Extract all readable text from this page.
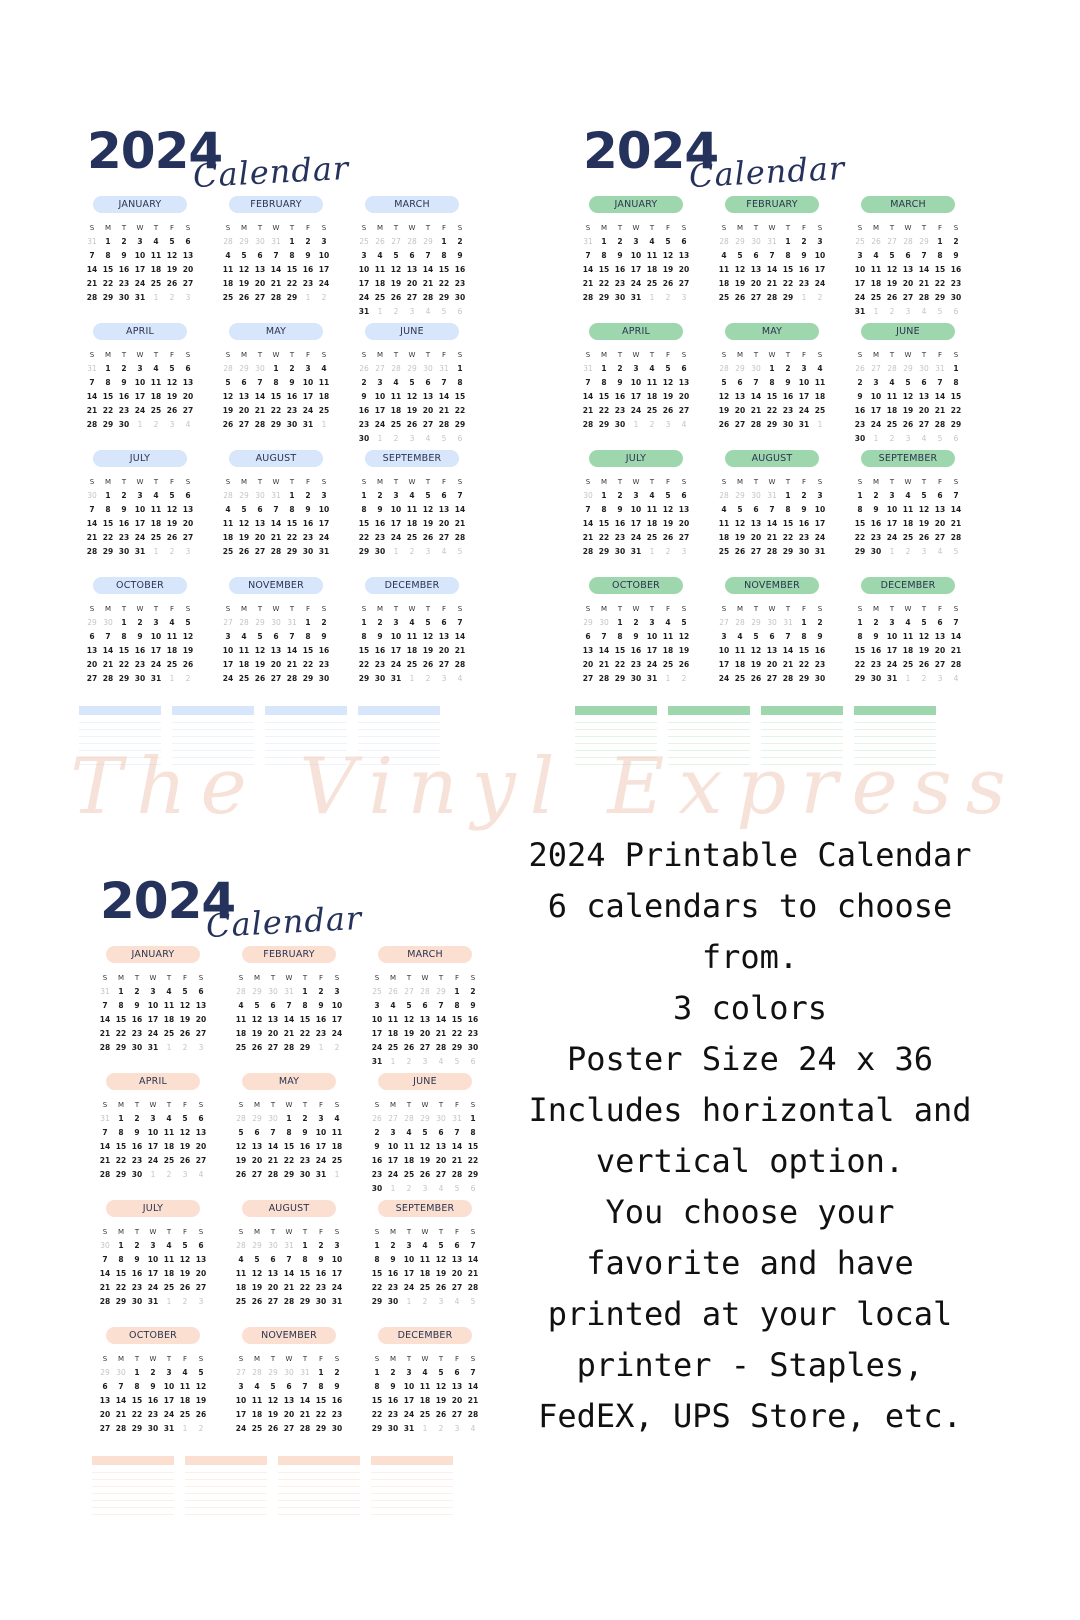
2024
Calendar
JANUARY
S	M	T	W	T	F	S
31	1	2	3	4	5	6
7	8	9	10 11 12 13
14 15 16 17 18 19 20
21 22 23 24 25 26 27
28 29 30 31	1	2	3
FEBRUARY
S	M	T	W	T	F	S
28 29 30 31	1	2	3
4	5	6	7	8	9	10
11 12 13 14 15 16 17
18 19 20 21 22 23 24
25 26 27 28 29	1	2
MARCH
S	M	T	W	T	F	S
25 26 27 28 29	1	2
3	4	5	6	7	8	9
10 11 12 13 14 15 16
17 18 19 20 21 22 23
24 25 26 27 28 29 30
31	1	2	3	4	5	6
APRIL
S	M	T	W	T	F	S
31	1	2	3	4	5	6
7	8	9	10 11 12 13
14 15 16 17 18 19 20
21 22 23 24 25 26 27
28 29 30	1	2	3	4
MAY
S	M	T	W	T	F	S
28 29 30	1	2	3	4
5	6	7	8	9	10 11
12 13 14 15 16 17 18
19 20 21 22 23 24 25
26 27 28 29 30 31	1
JUNE
S	M	T	W	T	F	S
26 27 28 29 30 31	1
2	3	4	5	6	7	8
9	10 11 12 13 14 15
16 17 18 19 20 21 22
23 24 25 26 27 28 29
30	1	2	3	4	5	6
JULY
S	M	T	W	T	F	S
30	1	2	3	4	5	6
7	8	9	10 11 12 13
14 15 16 17 18 19 20
21 22 23 24 25 26 27
28 29 30 31	1	2	3
AUGUST
S	M	T	W	T	F	S
28 29 30 31	1	2	3
4	5	6	7	8	9	10
11 12 13 14 15 16 17
18 19 20 21 22 23 24
25 26 27 28 29 30 31
SEPTEMBER
S	M	T	W	T	F	S
1	2	3	4	5	6	7
8	9	10 11 12 13 14
15 16 17 18 19 20 21
22 23 24 25 26 27 28
29 30	1	2	3	4	5
OCTOBER
S	M	T	W	T	F	S
29 30	1	2	3	4	5
6	7	8	9	10 11 12
13 14 15 16 17 18 19
20 21 22 23 24 25 26
27 28 29 30 31	1	2
NOVEMBER
S	M	T	W	T	F	S
27 28 29 30 31	1	2
3	4	5	6	7	8	9
10 11 12 13 14 15 16
17 18 19 20 21 22 23
24 25 26 27 28 29 30
DECEMBER
S	M	T	W	T	F	S
1	2	3	4	5	6	7
8	9	10 11 12 13 14
15 16 17 18 19 20 21
22 23 24 25 26 27 28
29 30 31	1	2	3	4
2024
Calendar
JANUARY
S	M	T	W	T	F	S
31	1	2	3	4	5	6
7	8	9	10 11 12 13
14 15 16 17 18 19 20
21 22 23 24 25 26 27
28 29 30 31	1	2	3
FEBRUARY
S	M	T	W	T	F	S
28 29 30 31	1	2	3
4	5	6	7	8	9	10
11 12 13 14 15 16 17
18 19 20 21 22 23 24
25 26 27 28 29	1	2
MARCH
S	M	T	W	T	F	S
25 26 27 28 29	1	2
3	4	5	6	7	8	9
10 11 12 13 14 15 16
17 18 19 20 21 22 23
24 25 26 27 28 29 30
31	1	2	3	4	5	6
APRIL
S	M	T	W	T	F	S
31	1	2	3	4	5	6
7	8	9	10 11 12 13
14 15 16 17 18 19 20
21 22 23 24 25 26 27
28 29 30	1	2	3	4
MAY
S	M	T	W	T	F	S
28 29 30	1	2	3	4
5	6	7	8	9	10 11
12 13 14 15 16 17 18
19 20 21 22 23 24 25
26 27 28 29 30 31	1
JUNE
S	M	T	W	T	F	S
26 27 28 29 30 31	1
2	3	4	5	6	7	8
9	10 11 12 13 14 15
16 17 18 19 20 21 22
23 24 25 26 27 28 29
30	1	2	3	4	5	6
JULY
S	M	T	W	T	F	S
30	1	2	3	4	5	6
7	8	9	10 11 12 13
14 15 16 17 18 19 20
21 22 23 24 25 26 27
28 29 30 31	1	2	3
AUGUST
S	M	T	W	T	F	S
28 29 30 31	1	2	3
4	5	6	7	8	9	10
11 12 13 14 15 16 17
18 19 20 21 22 23 24
25 26 27 28 29 30 31
SEPTEMBER
S	M	T	W	T	F	S
1	2	3	4	5	6	7
8	9	10 11 12 13 14
15 16 17 18 19 20 21
22 23 24 25 26 27 28
29 30	1	2	3	4	5
OCTOBER
S	M	T	W	T	F	S
29 30	1	2	3	4	5
6	7	8	9	10 11 12
13 14 15 16 17 18 19
20 21 22 23 24 25 26
27 28 29 30 31	1	2
NOVEMBER
S	M	T	W	T	F	S
27 28 29 30 31	1	2
3	4	5	6	7	8	9
10 11 12 13 14 15 16
17 18 19 20 21 22 23
24 25 26 27 28 29 30
DECEMBER
S	M	T	W	T	F	S
1	2	3	4	5	6	7
8	9	10 11 12 13 14
15 16 17 18 19 20 21
22 23 24 25 26 27 28
29 30 31	1	2	3	4
2024
Calendar
JANUARY
S	M	T	W	T	F	S
31	1	2	3	4	5	6
7	8	9	10 11 12 13
14 15 16 17 18 19 20
21 22 23 24 25 26 27
28 29 30 31	1	2	3
FEBRUARY
S	M	T	W	T	F	S
28 29 30 31	1	2	3
4	5	6	7	8	9	10
11 12 13 14 15 16 17
18 19 20 21 22 23 24
25 26 27 28 29	1	2
MARCH
S	M	T	W	T	F	S
25 26 27 28 29	1	2
3	4	5	6	7	8	9
10 11 12 13 14 15 16
17 18 19 20 21 22 23
24 25 26 27 28 29 30
31	1	2	3	4	5	6
APRIL
S	M	T	W	T	F	S
31	1	2	3	4	5	6
7	8	9	10 11 12 13
14 15 16 17 18 19 20
21 22 23 24 25 26 27
28 29 30	1	2	3	4
MAY
S	M	T	W	T	F	S
28 29 30	1	2	3	4
5	6	7	8	9	10 11
12 13 14 15 16 17 18
19 20 21 22 23 24 25
26 27 28 29 30 31	1
JUNE
S	M	T	W	T	F	S
26 27 28 29 30 31	1
2	3	4	5	6	7	8
9	10 11 12 13 14 15
16 17 18 19 20 21 22
23 24 25 26 27 28 29
30	1	2	3	4	5	6
JULY
S	M	T	W	T	F	S
30	1	2	3	4	5	6
7	8	9	10 11 12 13
14 15 16 17 18 19 20
21 22 23 24 25 26 27
28 29 30 31	1	2	3
AUGUST
S	M	T	W	T	F	S
28 29 30 31	1	2	3
4	5	6	7	8	9	10
11 12 13 14 15 16 17
18 19 20 21 22 23 24
25 26 27 28 29 30 31
SEPTEMBER
S	M	T	W	T	F	S
1	2	3	4	5	6	7
8	9	10 11 12 13 14
15 16 17 18 19 20 21
22 23 24 25 26 27 28
29 30	1	2	3	4	5
OCTOBER
S	M	T	W	T	F	S
29 30	1	2	3	4	5
6	7	8	9	10 11 12
13 14 15 16 17 18 19
20 21 22 23 24 25 26
27 28 29 30 31	1	2
NOVEMBER
S	M	T	W	T	F	S
27 28 29 30 31	1	2
3	4	5	6	7	8	9
10 11 12 13 14 15 16
17 18 19 20 21 22 23
24 25 26 27 28 29 30
DECEMBER
S	M	T	W	T	F	S
1	2	3	4	5	6	7
8	9	10 11 12 13 14
15 16 17 18 19 20 21
22 23 24 25 26 27 28
29 30 31	1	2	3	4
The Vinyl Express
2024 Printable Calendar
6 calendars to choose
from.
3 colors
Poster Size 24 x 36
Includes horizontal and
vertical option.
You choose your
favorite and have
printed at your local
printer - Staples,
FedEX, UPS Store, etc.
